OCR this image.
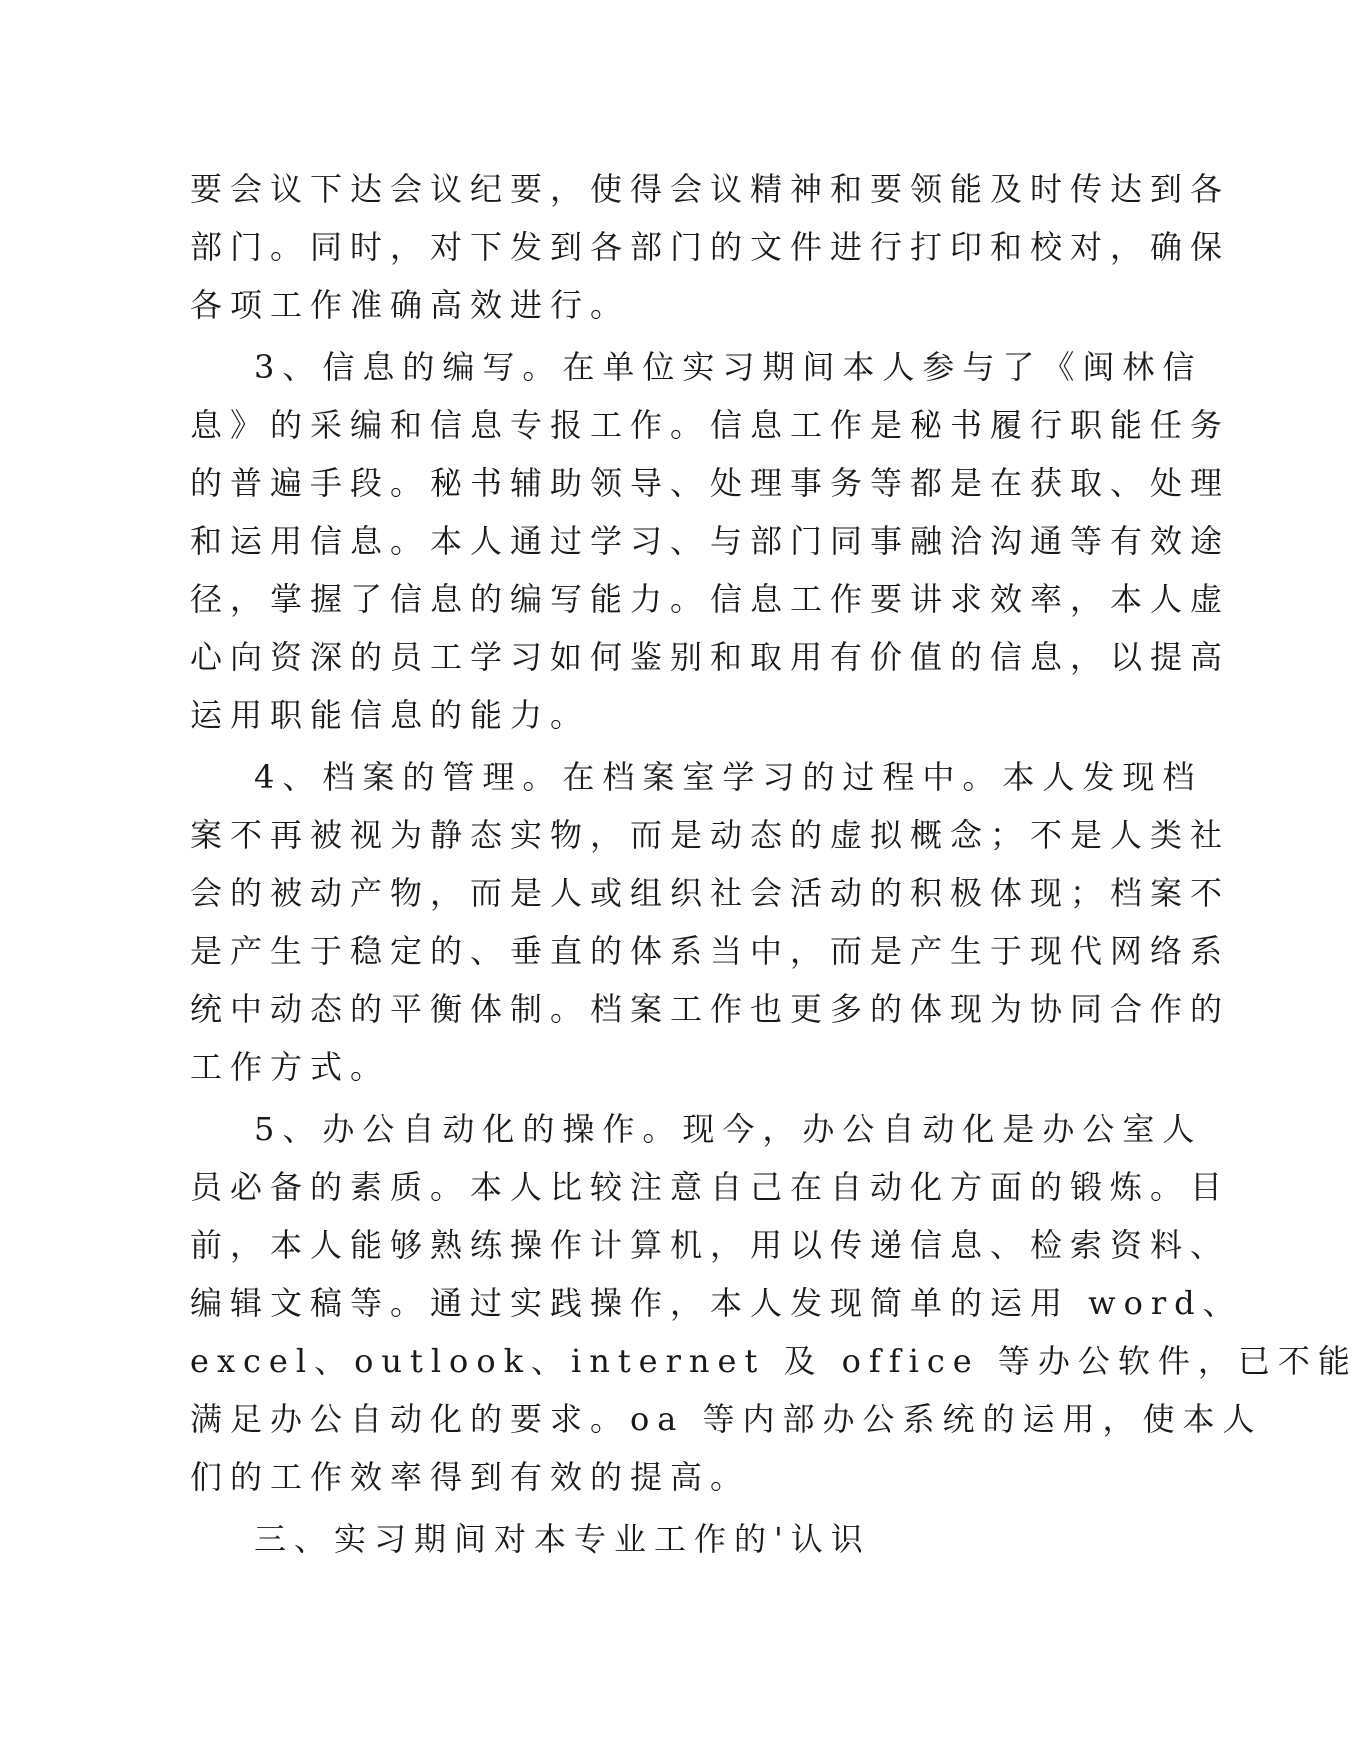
要会议下达会议纪要，使得会议精神和要领能及时传达到各
部门。同时，对下发到各部门的文件进行打印和校对，确保
各项工作准确高效进行。
3、信息的编写。在单位实习期间本人参与了《闽林信
息》的采编和信息专报工作。信息工作是秘书履行职能任务
的普遍手段。秘书辅助领导、处理事务等都是在获取、处理
和运用信息。本人通过学习、与部门同事融洽沟通等有效途
径，掌握了信息的编写能力。信息工作要讲求效率，本人虚
心向资深的员工学习如何鉴别和取用有价值的信息，以提高
运用职能信息的能力。
4、档案的管理。在档案室学习的过程中。本人发现档
案不再被视为静态实物，而是动态的虚拟概念；不是人类社
会的被动产物，而是人或组织社会活动的积极体现；档案不
是产生于稳定的、垂直的体系当中，而是产生于现代网络系
统中动态的平衡体制。档案工作也更多的体现为协同合作的
工作方式。
5、办公自动化的操作。现今，办公自动化是办公室人
员必备的素质。本人比较注意自己在自动化方面的锻炼。目
前，本人能够熟练操作计算机，用以传递信息、检索资料、
编辑文稿等。通过实践操作，本人发现简单的运用 word、
excel、outlook、internet 及 office 等办公软件，已不能
满足办公自动化的要求。oa 等内部办公系统的运用，使本人
们的工作效率得到有效的提高。
三、实习期间对本专业工作的'认识
